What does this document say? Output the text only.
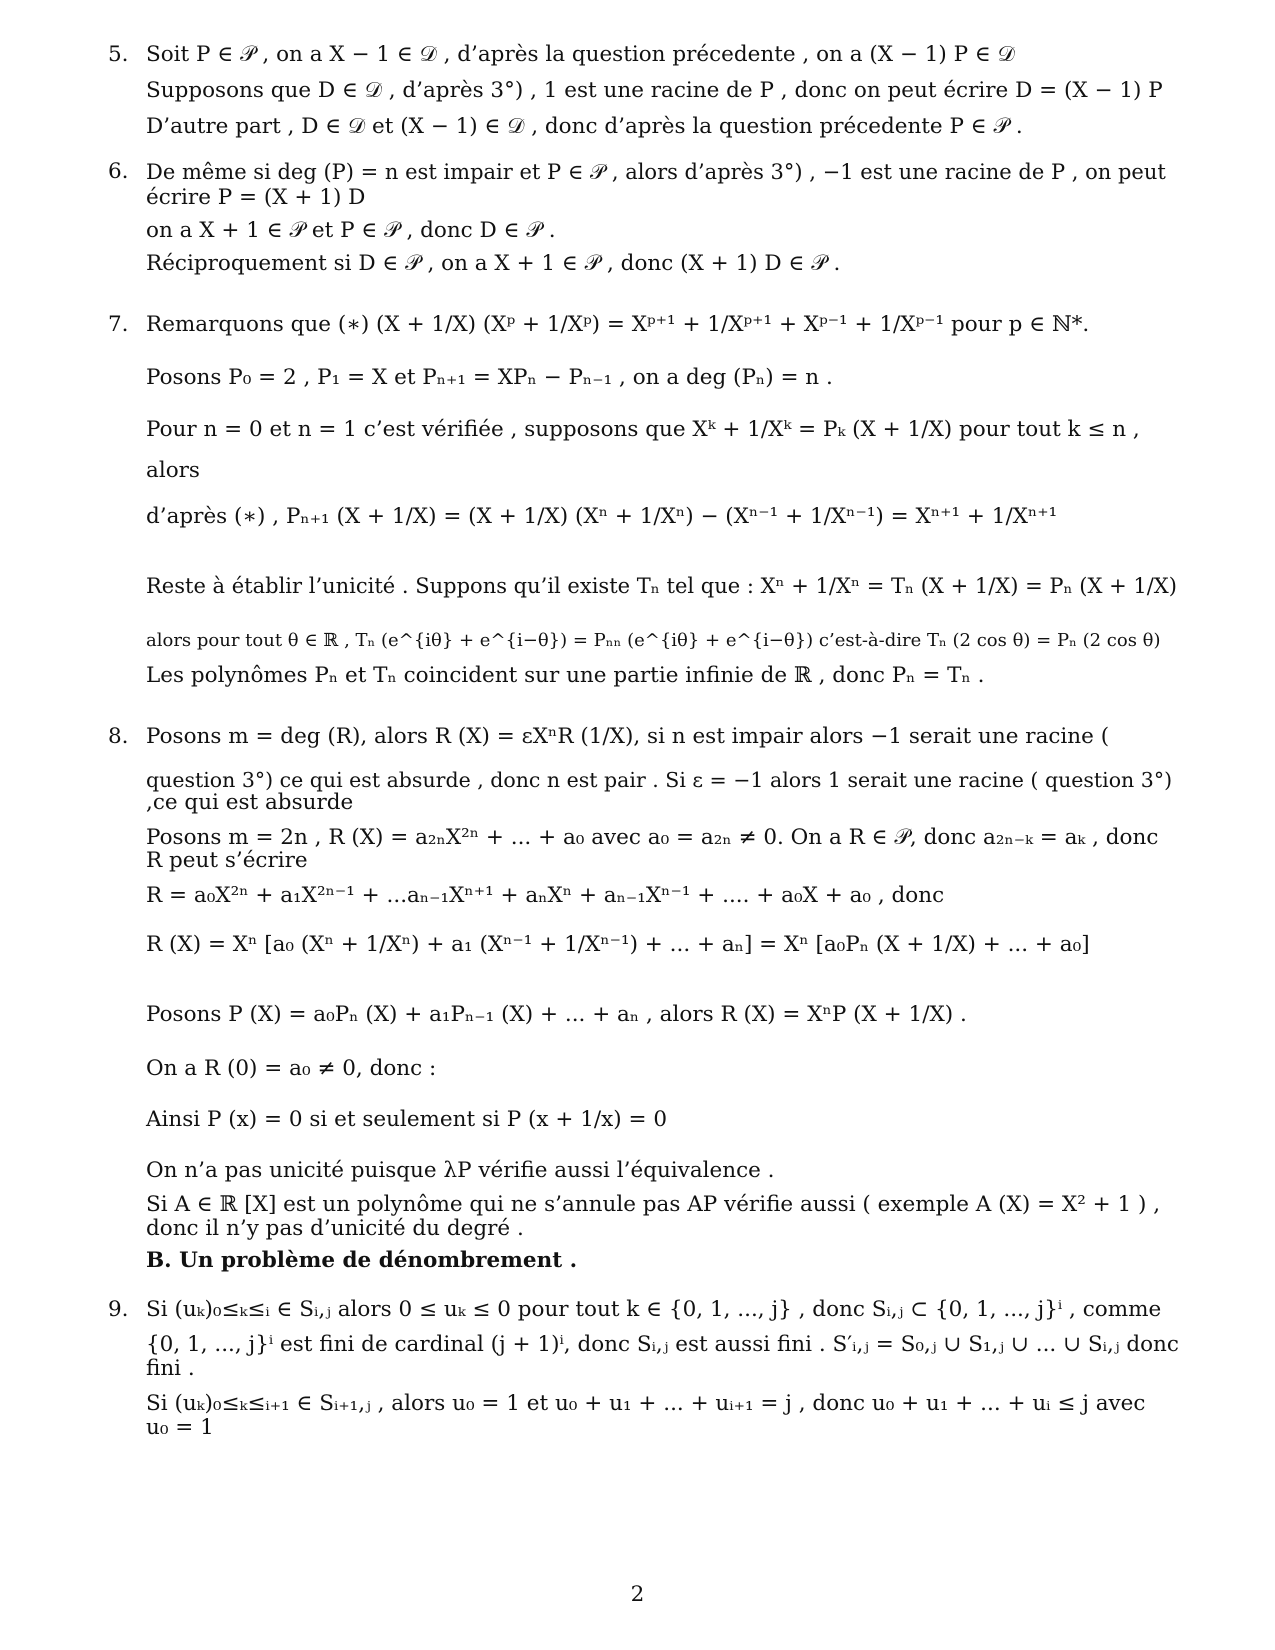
5. Soit P ∈ 𝒫 , on a X − 1 ∈ 𝒟 , d’après la question précedente , on a (X − 1) P ∈ 𝒟
Supposons que D ∈ 𝒟 , d’après 3°) , 1 est une racine de P , donc on peut écrire D = (X − 1) P
D’autre part , D ∈ 𝒟 et (X − 1) ∈ 𝒟 , donc d’après la question précedente P ∈ 𝒫 .
6. De même si deg (P) = n est impair et P ∈ 𝒫 , alors d’après 3°) , −1 est une racine de P , on peut
écrire P = (X + 1) D
on a X + 1 ∈ 𝒫 et P ∈ 𝒫 , donc D ∈ 𝒫 .
Réciproquement si D ∈ 𝒫 , on a X + 1 ∈ 𝒫 , donc (X + 1) D ∈ 𝒫 .
7. Remarquons que (∗) (X + 1/X) (Xᵖ + 1/Xᵖ) = Xᵖ⁺¹ + 1/Xᵖ⁺¹ + Xᵖ⁻¹ + 1/Xᵖ⁻¹ pour p ∈ ℕ*.
Posons P₀ = 2 , P₁ = X et Pₙ₊₁ = XPₙ − Pₙ₋₁ , on a deg (Pₙ) = n .
Pour n = 0 et n = 1 c’est vérifiée , supposons que Xᵏ + 1/Xᵏ = Pₖ (X + 1/X) pour tout k ≤ n ,
alors
d’après (∗) , Pₙ₊₁ (X + 1/X) = (X + 1/X) (Xⁿ + 1/Xⁿ) − (Xⁿ⁻¹ + 1/Xⁿ⁻¹) = Xⁿ⁺¹ + 1/Xⁿ⁺¹
Reste à établir l’unicité . Suppons qu’il existe Tₙ tel que : Xⁿ + 1/Xⁿ = Tₙ (X + 1/X) = Pₙ (X + 1/X)
alors pour tout θ ∈ ℝ , Tₙ (e^{iθ} + e^{i−θ}) = Pₙₙ (e^{iθ} + e^{i−θ}) c’est-à-dire Tₙ (2 cos θ) = Pₙ (2 cos θ)
Les polynômes Pₙ et Tₙ coincident sur une partie infinie de ℝ , donc Pₙ = Tₙ .
8. Posons m = deg (R), alors R (X) = εXⁿR (1/X), si n est impair alors −1 serait une racine (
question 3°) ce qui est absurde , donc n est pair . Si ε = −1 alors 1 serait une racine ( question 3°)
,ce qui est absurde
Posons m = 2n , R (X) = a₂ₙX²ⁿ + ... + a₀ avec a₀ = a₂ₙ ≠ 0. On a R ∈ 𝒫, donc a₂ₙ₋ₖ = aₖ , donc
R peut s’écrire
R = a₀X²ⁿ + a₁X²ⁿ⁻¹ + ...aₙ₋₁Xⁿ⁺¹ + aₙXⁿ + aₙ₋₁Xⁿ⁻¹ + .... + a₀X + a₀ , donc
R (X) = Xⁿ [a₀ (Xⁿ + 1/Xⁿ) + a₁ (Xⁿ⁻¹ + 1/Xⁿ⁻¹) + ... + aₙ] = Xⁿ [a₀Pₙ (X + 1/X) + ... + a₀]
Posons P (X) = a₀Pₙ (X) + a₁Pₙ₋₁ (X) + ... + aₙ , alors R (X) = XⁿP (X + 1/X) .
On a R (0) = a₀ ≠ 0, donc :
Ainsi P (x) = 0 si et seulement si P (x + 1/x) = 0
On n’a pas unicité puisque λP vérifie aussi l’équivalence .
Si A ∈ ℝ [X] est un polynôme qui ne s’annule pas AP vérifie aussi ( exemple A (X) = X² + 1 ) ,
donc il n’y pas d’unicité du degré .
B. Un problème de dénombrement .
9. Si (uₖ)₀≤ₖ≤ᵢ ∈ Sᵢ,ⱼ alors 0 ≤ uₖ ≤ 0 pour tout k ∈ {0, 1, ..., j} , donc Sᵢ,ⱼ ⊂ {0, 1, ..., j}ⁱ , comme
{0, 1, ..., j}ⁱ est fini de cardinal (j + 1)ⁱ, donc Sᵢ,ⱼ est aussi fini . S′ᵢ,ⱼ = S₀,ⱼ ∪ S₁,ⱼ ∪ ... ∪ Sᵢ,ⱼ donc
fini .
Si (uₖ)₀≤ₖ≤ᵢ₊₁ ∈ Sᵢ₊₁,ⱼ , alors u₀ = 1 et u₀ + u₁ + ... + uᵢ₊₁ = j , donc u₀ + u₁ + ... + uᵢ ≤ j avec
u₀ = 1
2
